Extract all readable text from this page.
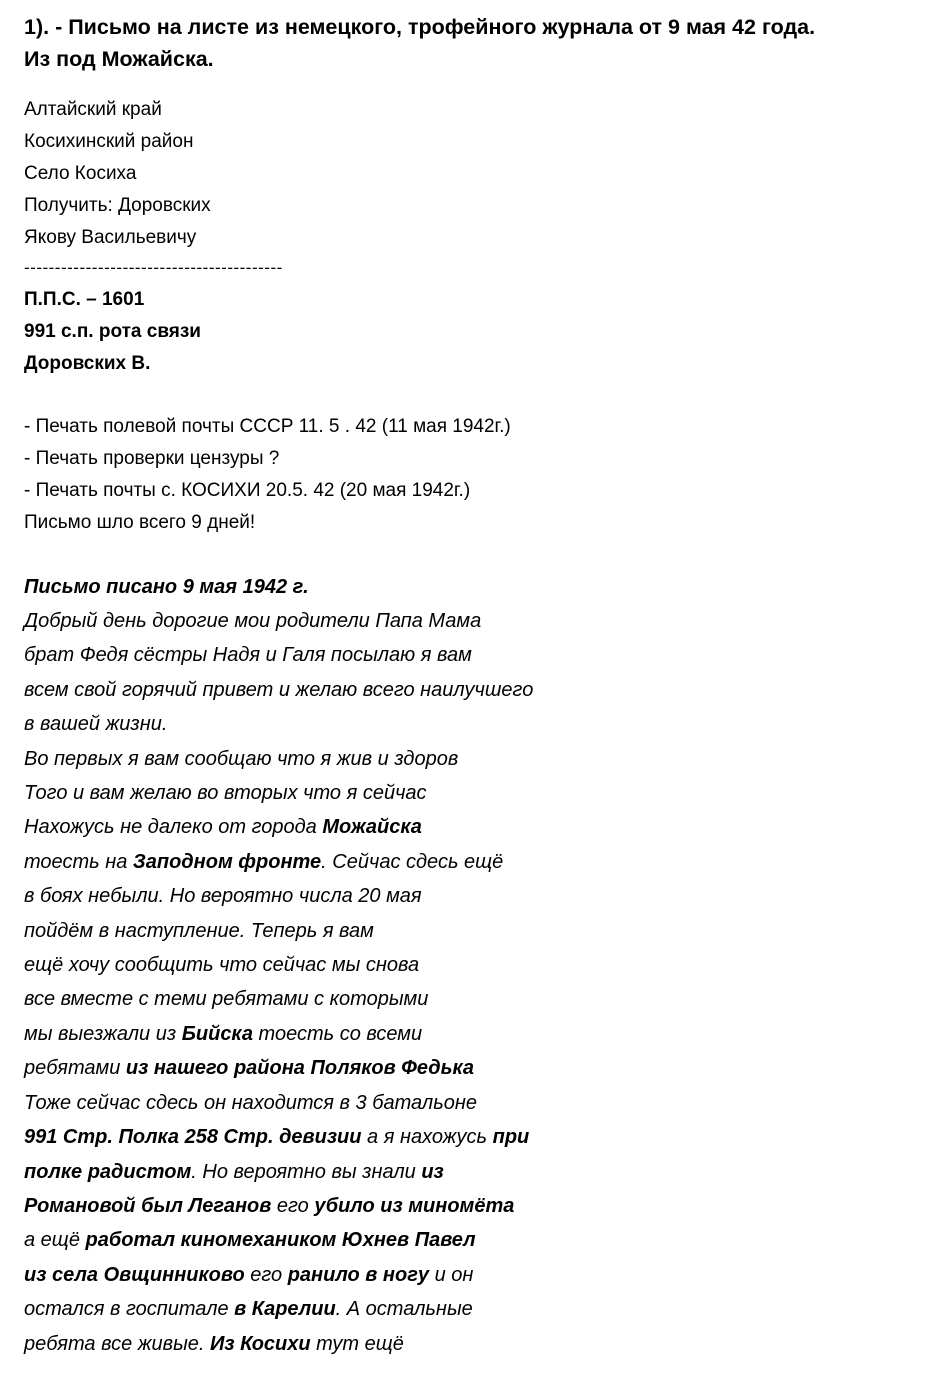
1). - Письмо на листе из немецкого, трофейного журнала от 9 мая 42 года.
Из под Можайска.
Алтайский край
Косихинский район
Село Косиха
Получить: Доровских
Якову Васильевичу
------------------------------------------
П.П.С. – 1601
991 с.п. рота связи
Доровских В.
- Печать полевой почты СССР 11. 5 . 42 (11 мая 1942г.)
- Печать проверки цензуры ?
- Печать почты с. КОСИХИ 20.5. 42 (20 мая 1942г.)
Письмо шло всего 9 дней!
Письмо писано 9 мая 1942 г.
Добрый день дорогие мои родители Папа Мама
брат Федя сёстры Надя и Галя посылаю я вам
всем свой горячий привет и желаю всего наилучшего
в вашей жизни.
Во первых я вам сообщаю что я жив и здоров
Того и вам желаю во вторых что я сейчас
Нахожусь не далеко от города Можайска
тоесть на Заподном фронте. Сейчас сдесь ещё
в боях небыли. Но вероятно числа 20 мая
пойдём в наступление. Теперь я вам
ещё хочу сообщить что сейчас мы снова
все вместе с теми ребятами с которыми
мы выезжали из Бийска тоесть со всеми
ребятами из нашего района Поляков Федька
Тоже сейчас сдесь он находится в 3 батальоне
991 Стр. Полка 258 Стр. девизии а я нахожусь при
полке радистом. Но вероятно вы знали из
Романовой был Леганов его убило из миномёта
а ещё работал киномехаником Юхнев Павел
из села Овщинниково его ранило в ногу и он
остался в госпитале в Карелии. А остальные
ребята все живые. Из Косихи тут ещё
